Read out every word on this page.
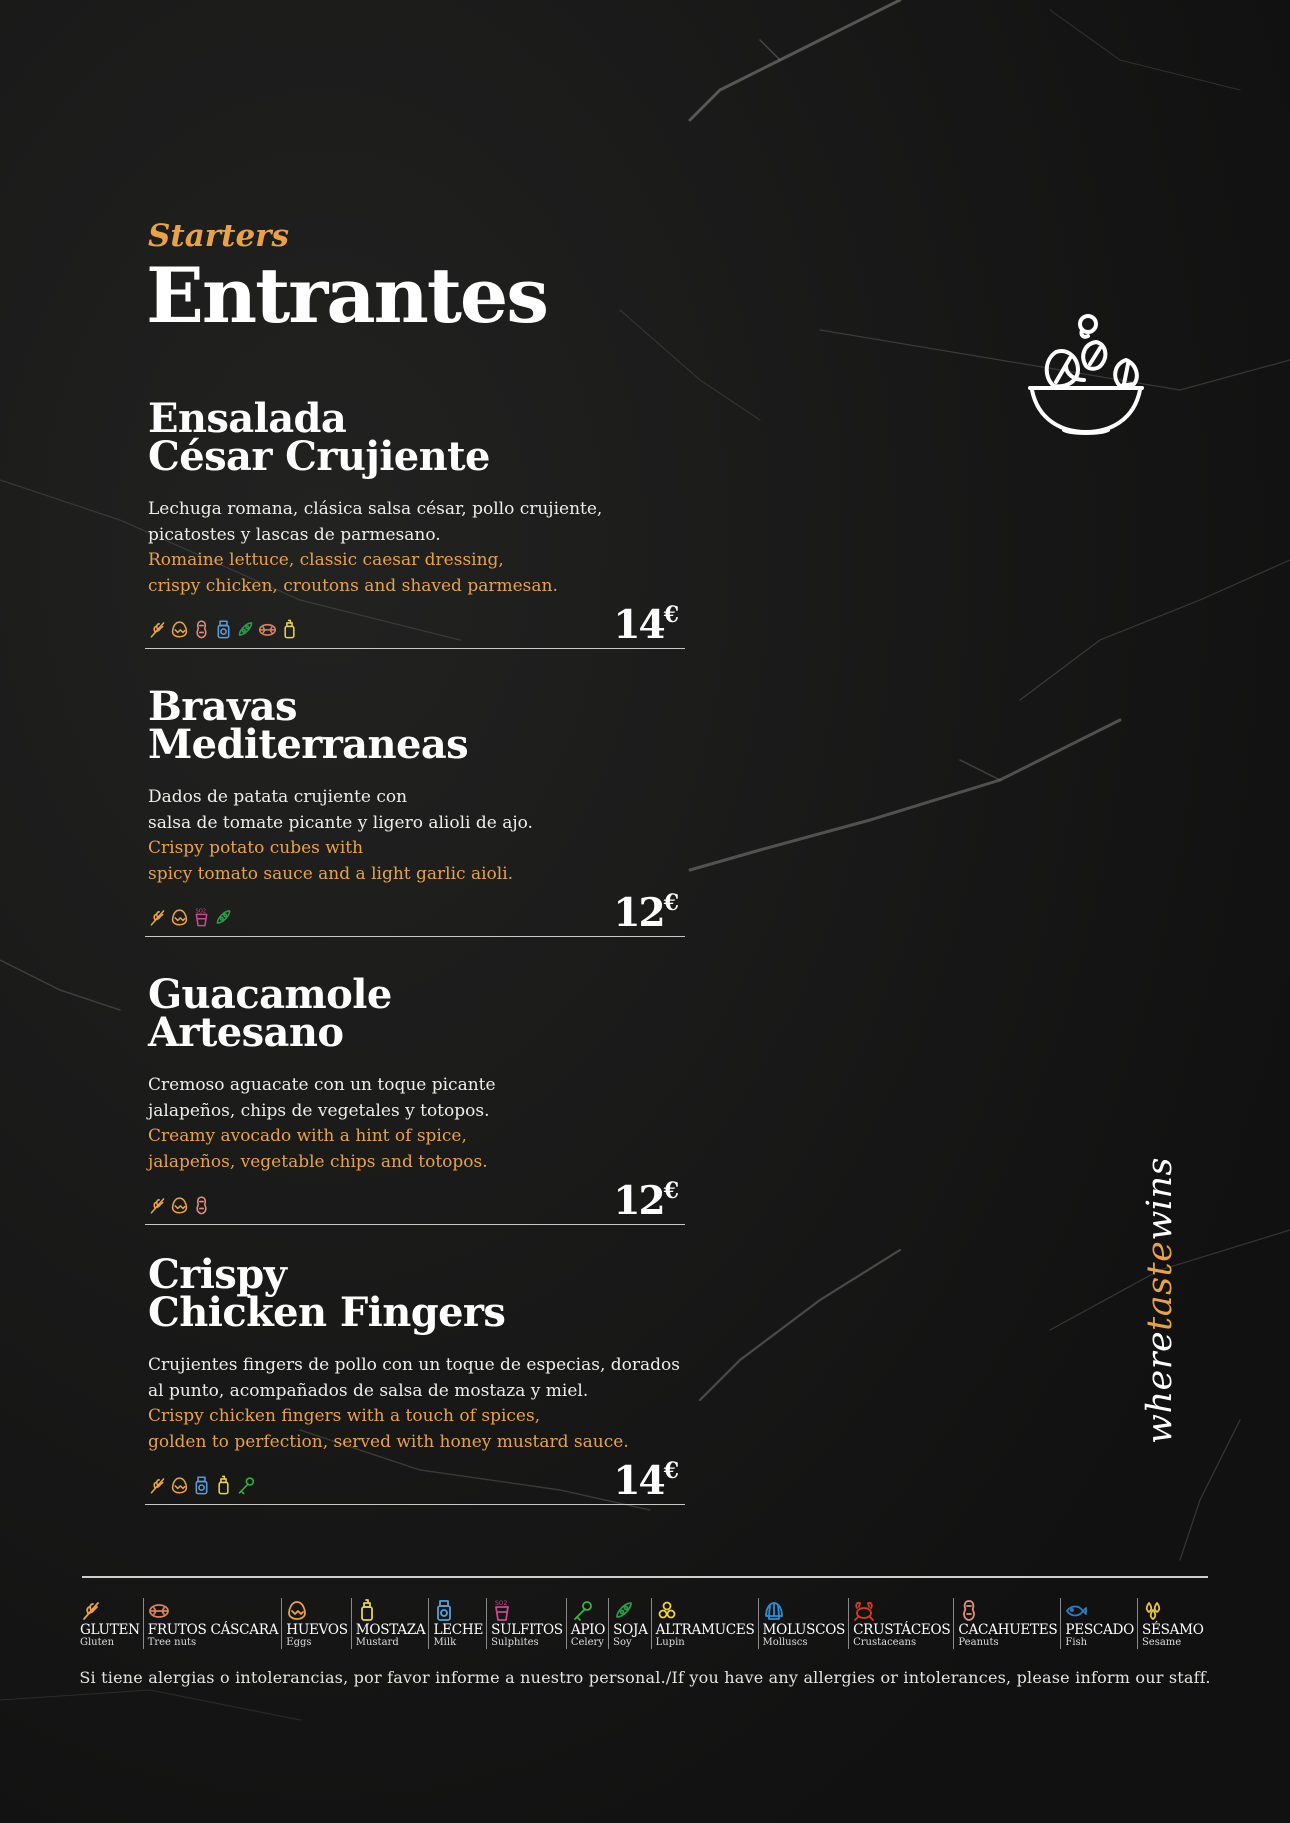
Starters

Entrantes
Ensalada
César Crujiente

Lechuga romana, clásica salsa césar, pollo crujiente,
picatostes y lascas de parmesano.

Romaine lettuce, classic caesar dressing,
crispy chicken, croutons and shaved parmesan.

14€
Bravas
Mediterraneas

Dados de patata crujiente con
salsa de tomate picante y ligero alioli de ajo.

Crispy potato cubes with
spicy tomato sauce and a light garlic aioli.

SO2	12€
Guacamole
Artesano

Cremoso aguacate con un toque picante
jalapeños, chips de vegetales y totopos.

Creamy avocado with a hint of spice,
jalapeños, vegetable chips and totopos.

12€
Crispy
Chicken Fingers

Crujientes fingers de pollo con un toque de especias, dorados
al punto, acompañados de salsa de mostaza y miel.

Crispy chicken fingers with a touch of spices,
golden to perfection, served with honey mustard sauce.

14€
wheretastewins
GLUTEN
Gluten
FRUTOS CÁSCARA
Tree nuts
HUEVOS
Eggs
MOSTAZA
Mustard
LECHE
Milk
SO2
SULFITOS
Sulphites
APIO
Celery
SOJA
Soy
ALTRAMUCES
Lupin
MOLUSCOS
Molluscs
CRUSTÁCEOS
Crustaceans
CACAHUETES
Peanuts
PESCADO
Fish
SÉSAMO
Sesame

Si tiene alergias o intolerancias, por favor informe a nuestro personal./If you have any allergies or intolerances, please inform our staff.
